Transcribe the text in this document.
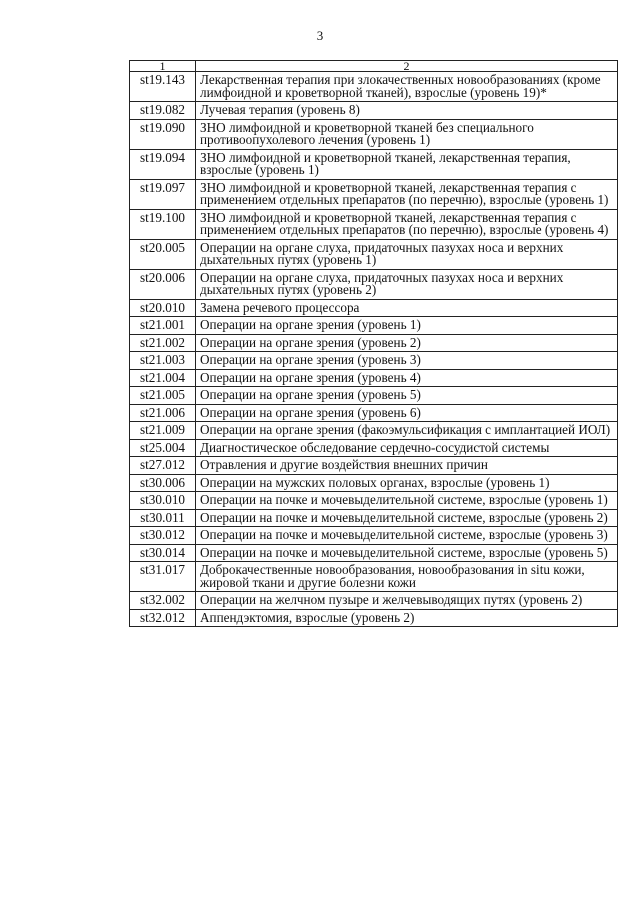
3
1	2
st19.143	Лекарственная терапия при злокачественных новообразованиях (кроме лимфоидной и кроветворной тканей), взрослые (уровень 19)*
st19.082	Лучевая терапия (уровень 8)
st19.090	ЗНО лимфоидной и кроветворной тканей без специального противоопухолевого лечения (уровень 1)
st19.094	ЗНО лимфоидной и кроветворной тканей, лекарственная терапия, взрослые (уровень 1)
st19.097	ЗНО лимфоидной и кроветворной тканей, лекарственная терапия с применением отдельных препаратов (по перечню), взрослые (уровень 1)
st19.100	ЗНО лимфоидной и кроветворной тканей, лекарственная терапия с применением отдельных препаратов (по перечню), взрослые (уровень 4)
st20.005	Операции на органе слуха, придаточных пазухах носа и верхних дыхательных путях (уровень 1)
st20.006	Операции на органе слуха, придаточных пазухах носа и верхних дыхательных путях (уровень 2)
st20.010	Замена речевого процессора
st21.001	Операции на органе зрения (уровень 1)
st21.002	Операции на органе зрения (уровень 2)
st21.003	Операции на органе зрения (уровень 3)
st21.004	Операции на органе зрения (уровень 4)
st21.005	Операции на органе зрения (уровень 5)
st21.006	Операции на органе зрения (уровень 6)
st21.009	Операции на органе зрения (факоэмульсификация с имплантацией ИОЛ)
st25.004	Диагностическое обследование сердечно-сосудистой системы
st27.012	Отравления и другие воздействия внешних причин
st30.006	Операции на мужских половых органах, взрослые (уровень 1)
st30.010	Операции на почке и мочевыделительной системе, взрослые (уровень 1)
st30.011	Операции на почке и мочевыделительной системе, взрослые (уровень 2)
st30.012	Операции на почке и мочевыделительной системе, взрослые (уровень 3)
st30.014	Операции на почке и мочевыделительной системе, взрослые (уровень 5)
st31.017	Доброкачественные новообразования, новообразования in situ кожи, жировой ткани и другие болезни кожи
st32.002	Операции на желчном пузыре и желчевыводящих путях (уровень 2)
st32.012	Аппендэктомия, взрослые (уровень 2)
